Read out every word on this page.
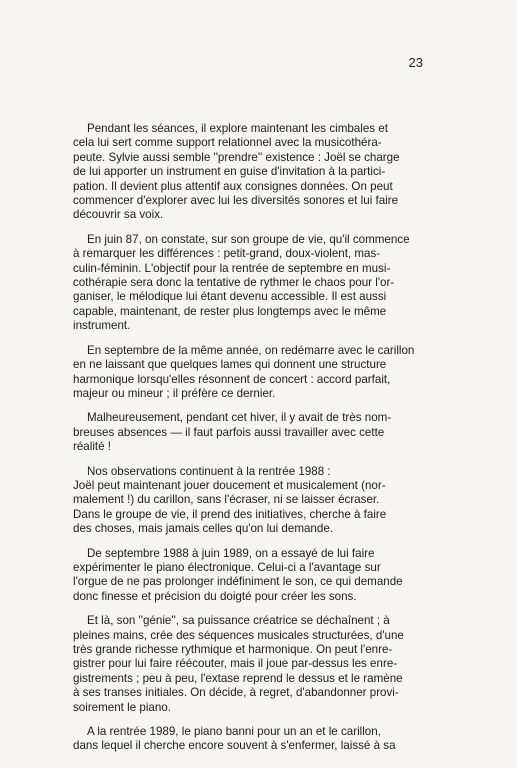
23

Pendant les séances, il explore maintenant les cimbales et
cela lui sert comme support relationnel avec la musicothéra-
peute. Sylvie aussi semble ''prendre'' existence : Joël se charge
de lui apporter un instrument en guise d'invitation à la partici-
pation. Il devient plus attentif aux consignes données. On peut
commencer d'explorer avec lui les diversités sonores et lui faire
découvrir sa voix.

En juin 87, on constate, sur son groupe de vie, qu'il commence
à remarquer les différences : petit-grand, doux-violent, mas-
culin-féminin. L'objectif pour la rentrée de septembre en musi-
cothérapie sera donc la tentative de rythmer le chaos pour l'or-
ganiser, le mélodique lui étant devenu accessible. Il est aussi
capable, maintenant, de rester plus longtemps avec le même
instrument.

En septembre de la même année, on redémarre avec le carillon
en ne laissant que quelques lames qui donnent une structure
harmonique lorsqu'elles résonnent de concert : accord parfait,
majeur ou mineur ; il préfère ce dernier.

Malheureusement, pendant cet hiver, il y avait de très nom-
breuses absences — il faut parfois aussi travailler avec cette
réalité !

Nos observations continuent à la rentrée 1988 :
Joël peut maintenant jouer doucement et musicalement (nor-
malement !) du carillon, sans l'écraser, ni se laisser écraser.
Dans le groupe de vie, il prend des initiatives, cherche à faire
des choses, mais jamais celles qu'on lui demande.

De septembre 1988 à juin 1989, on a essayé de lui faire
expérimenter le piano électronique. Celui-ci a l'avantage sur
l'orgue de ne pas prolonger indéfiniment le son, ce qui demande
donc finesse et précision du doigté pour créer les sons.

Et là, son ''génie'', sa puissance créatrice se déchaînent ; à
pleines mains, crée des séquences musicales structurées, d'une
très grande richesse rythmique et harmonique. On peut l'enre-
gistrer pour lui faire réécouter, mais il joue par-dessus les enre-
gistrements ; peu à peu, l'extase reprend le dessus et le ramène
à ses transes initiales. On décide, à regret, d'abandonner provi-
soirement le piano.

A la rentrée 1989, le piano banni pour un an et le carillon,
dans lequel il cherche encore souvent à s'enfermer, laissé à sa
